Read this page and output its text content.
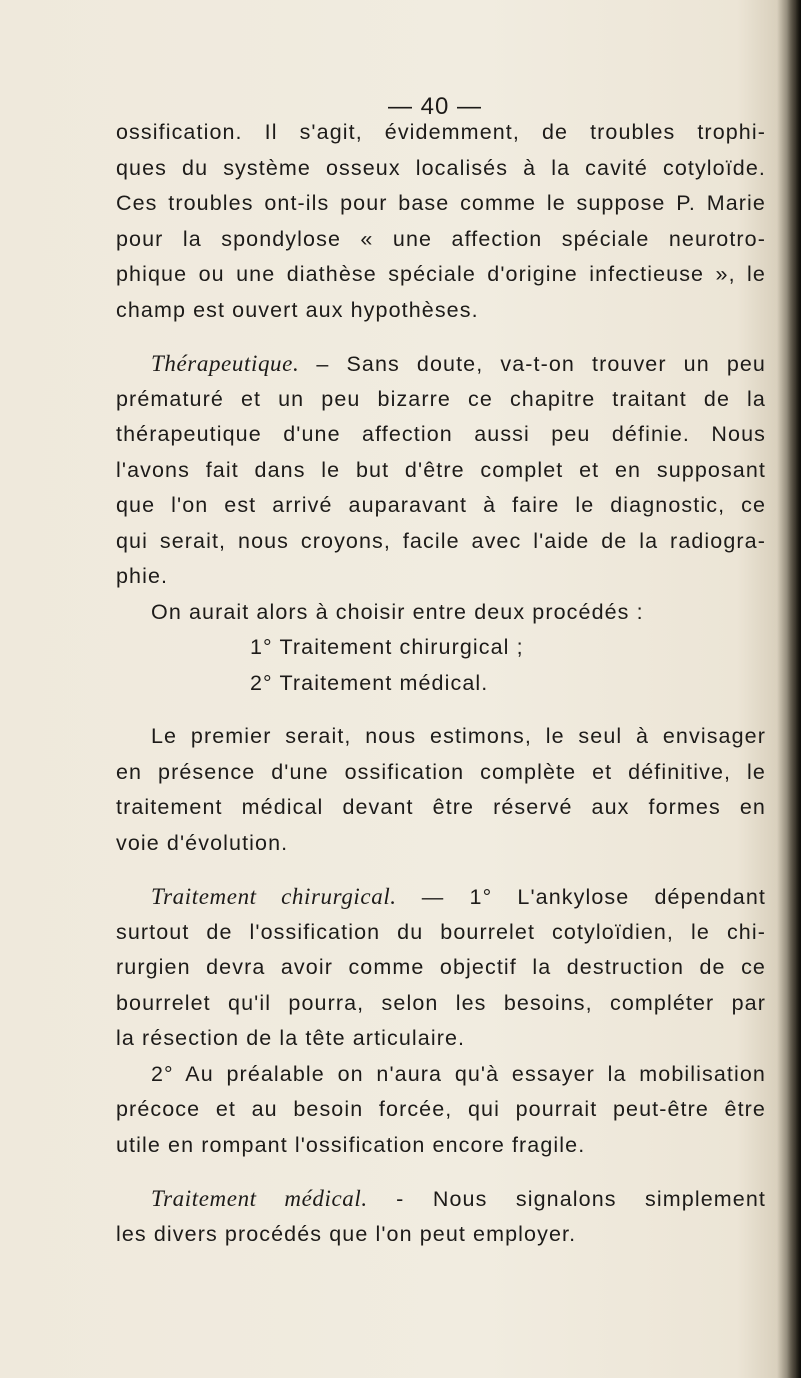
— 40 —
ossification. Il s'agit, évidemment, de troubles trophi-
ques du système osseux localisés à la cavité cotyloïde.
Ces troubles ont-ils pour base comme le suppose P. Marie
pour la spondylose « une affection spéciale neurotro-
phique ou une diathèse spéciale d'origine infectieuse », le
champ est ouvert aux hypothèses.
Thérapeutique. – Sans doute, va-t-on trouver un peu
prématuré et un peu bizarre ce chapitre traitant de la
thérapeutique d'une affection aussi peu définie. Nous
l'avons fait dans le but d'être complet et en supposant
que l'on est arrivé auparavant à faire le diagnostic, ce
qui serait, nous croyons, facile avec l'aide de la radiogra-
phie.
On aurait alors à choisir entre deux procédés :
1° Traitement chirurgical ;
2° Traitement médical.
Le premier serait, nous estimons, le seul à envisager
en présence d'une ossification complète et définitive, le
traitement médical devant être réservé aux formes en
voie d'évolution.
Traitement chirurgical. — 1° L'ankylose dépendant
surtout de l'ossification du bourrelet cotyloïdien, le chi-
rurgien devra avoir comme objectif la destruction de ce
bourrelet qu'il pourra, selon les besoins, compléter par
la résection de la tête articulaire.
2° Au préalable on n'aura qu'à essayer la mobilisation
précoce et au besoin forcée, qui pourrait peut-être être
utile en rompant l'ossification encore fragile.
Traitement médical. - Nous signalons simplement
les divers procédés que l'on peut employer.
